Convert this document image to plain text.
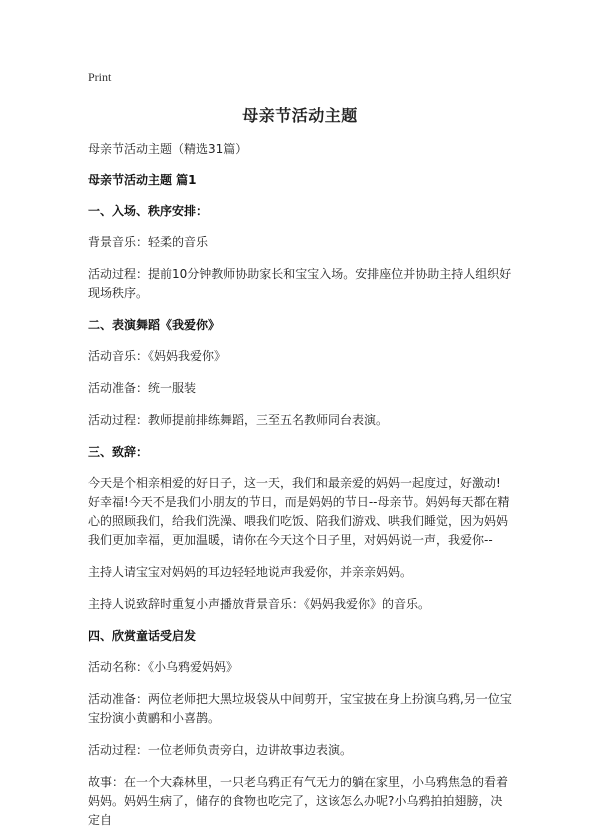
Print
母亲节活动主题
母亲节活动主题（精选31篇）
母亲节活动主题 篇1
一、入场、秩序安排：
背景音乐：轻柔的音乐
活动过程：提前10分钟教师协助家长和宝宝入场。安排座位并协助主持人组织好现场秩序。
二、表演舞蹈《我爱你》
活动音乐：《妈妈我爱你》
活动准备：统一服装
活动过程：教师提前排练舞蹈，三至五名教师同台表演。
三、致辞：
今天是个相亲相爱的好日子，这一天，我们和最亲爱的妈妈一起度过，好激动!好幸福!今天不是我们小朋友的节日，而是妈妈的节日--母亲节。妈妈每天都在精心的照顾我们，给我们洗澡、喂我们吃饭、陪我们游戏、哄我们睡觉，因为妈妈我们更加幸福，更加温暖，请你在今天这个日子里，对妈妈说一声，我爱你--
主持人请宝宝对妈妈的耳边轻轻地说声我爱你，并亲亲妈妈。
主持人说致辞时重复小声播放背景音乐：《妈妈我爱你》的音乐。
四、欣赏童话受启发
活动名称：《小乌鸦爱妈妈》
活动准备：两位老师把大黑垃圾袋从中间剪开，宝宝披在身上扮演乌鸦,另一位宝宝扮演小黄鹂和小喜鹊。
活动过程：一位老师负责旁白，边讲故事边表演。
故事：在一个大森林里，一只老乌鸦正有气无力的躺在家里，小乌鸦焦急的看着妈妈。妈妈生病了，储存的食物也吃完了，这该怎么办呢?小乌鸦拍拍翅膀，决定自
